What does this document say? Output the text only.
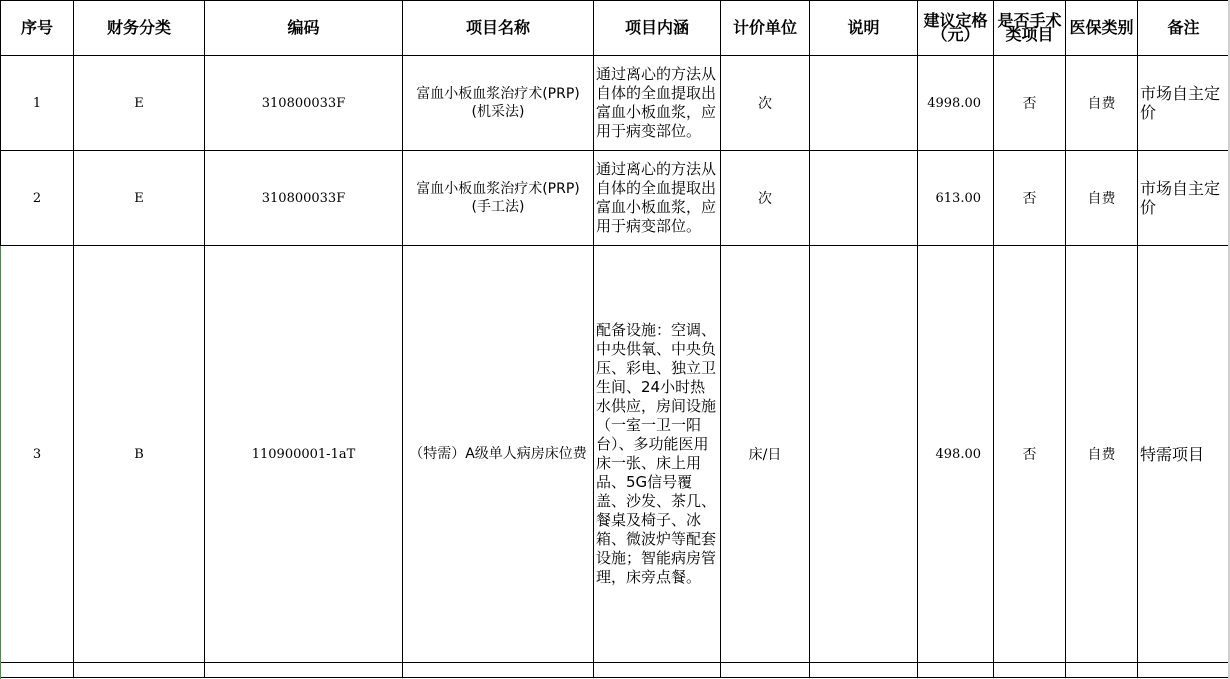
序号	财务分类	编码	项目名称	项目内涵	计价单位	说明	建议定格（元）	是否手术类项目	医保类别	备注
1	E	310800033F	富血小板血浆治疗术(PRP)(机采法)	通过离心的方法从自体的全血提取出富血小板血浆，应用于病变部位。	次		4998.00	否	自费	市场自主定价
2	E	310800033F	富血小板血浆治疗术(PRP)(手工法)	通过离心的方法从自体的全血提取出富血小板血浆，应用于病变部位。	次		613.00	否	自费	市场自主定价
3	B	110900001-1aT	（特需）A级单人病房床位费	配备设施：空调、中央供氧、中央负压、彩电、独立卫生间、24小时热水供应，房间设施（一室一卫一阳台）、多功能医用床一张、床上用品、5G信号覆盖、沙发、茶几、餐桌及椅子、冰箱、微波炉等配套设施；智能病房管理，床旁点餐。	床/日		498.00	否	自费	特需项目
